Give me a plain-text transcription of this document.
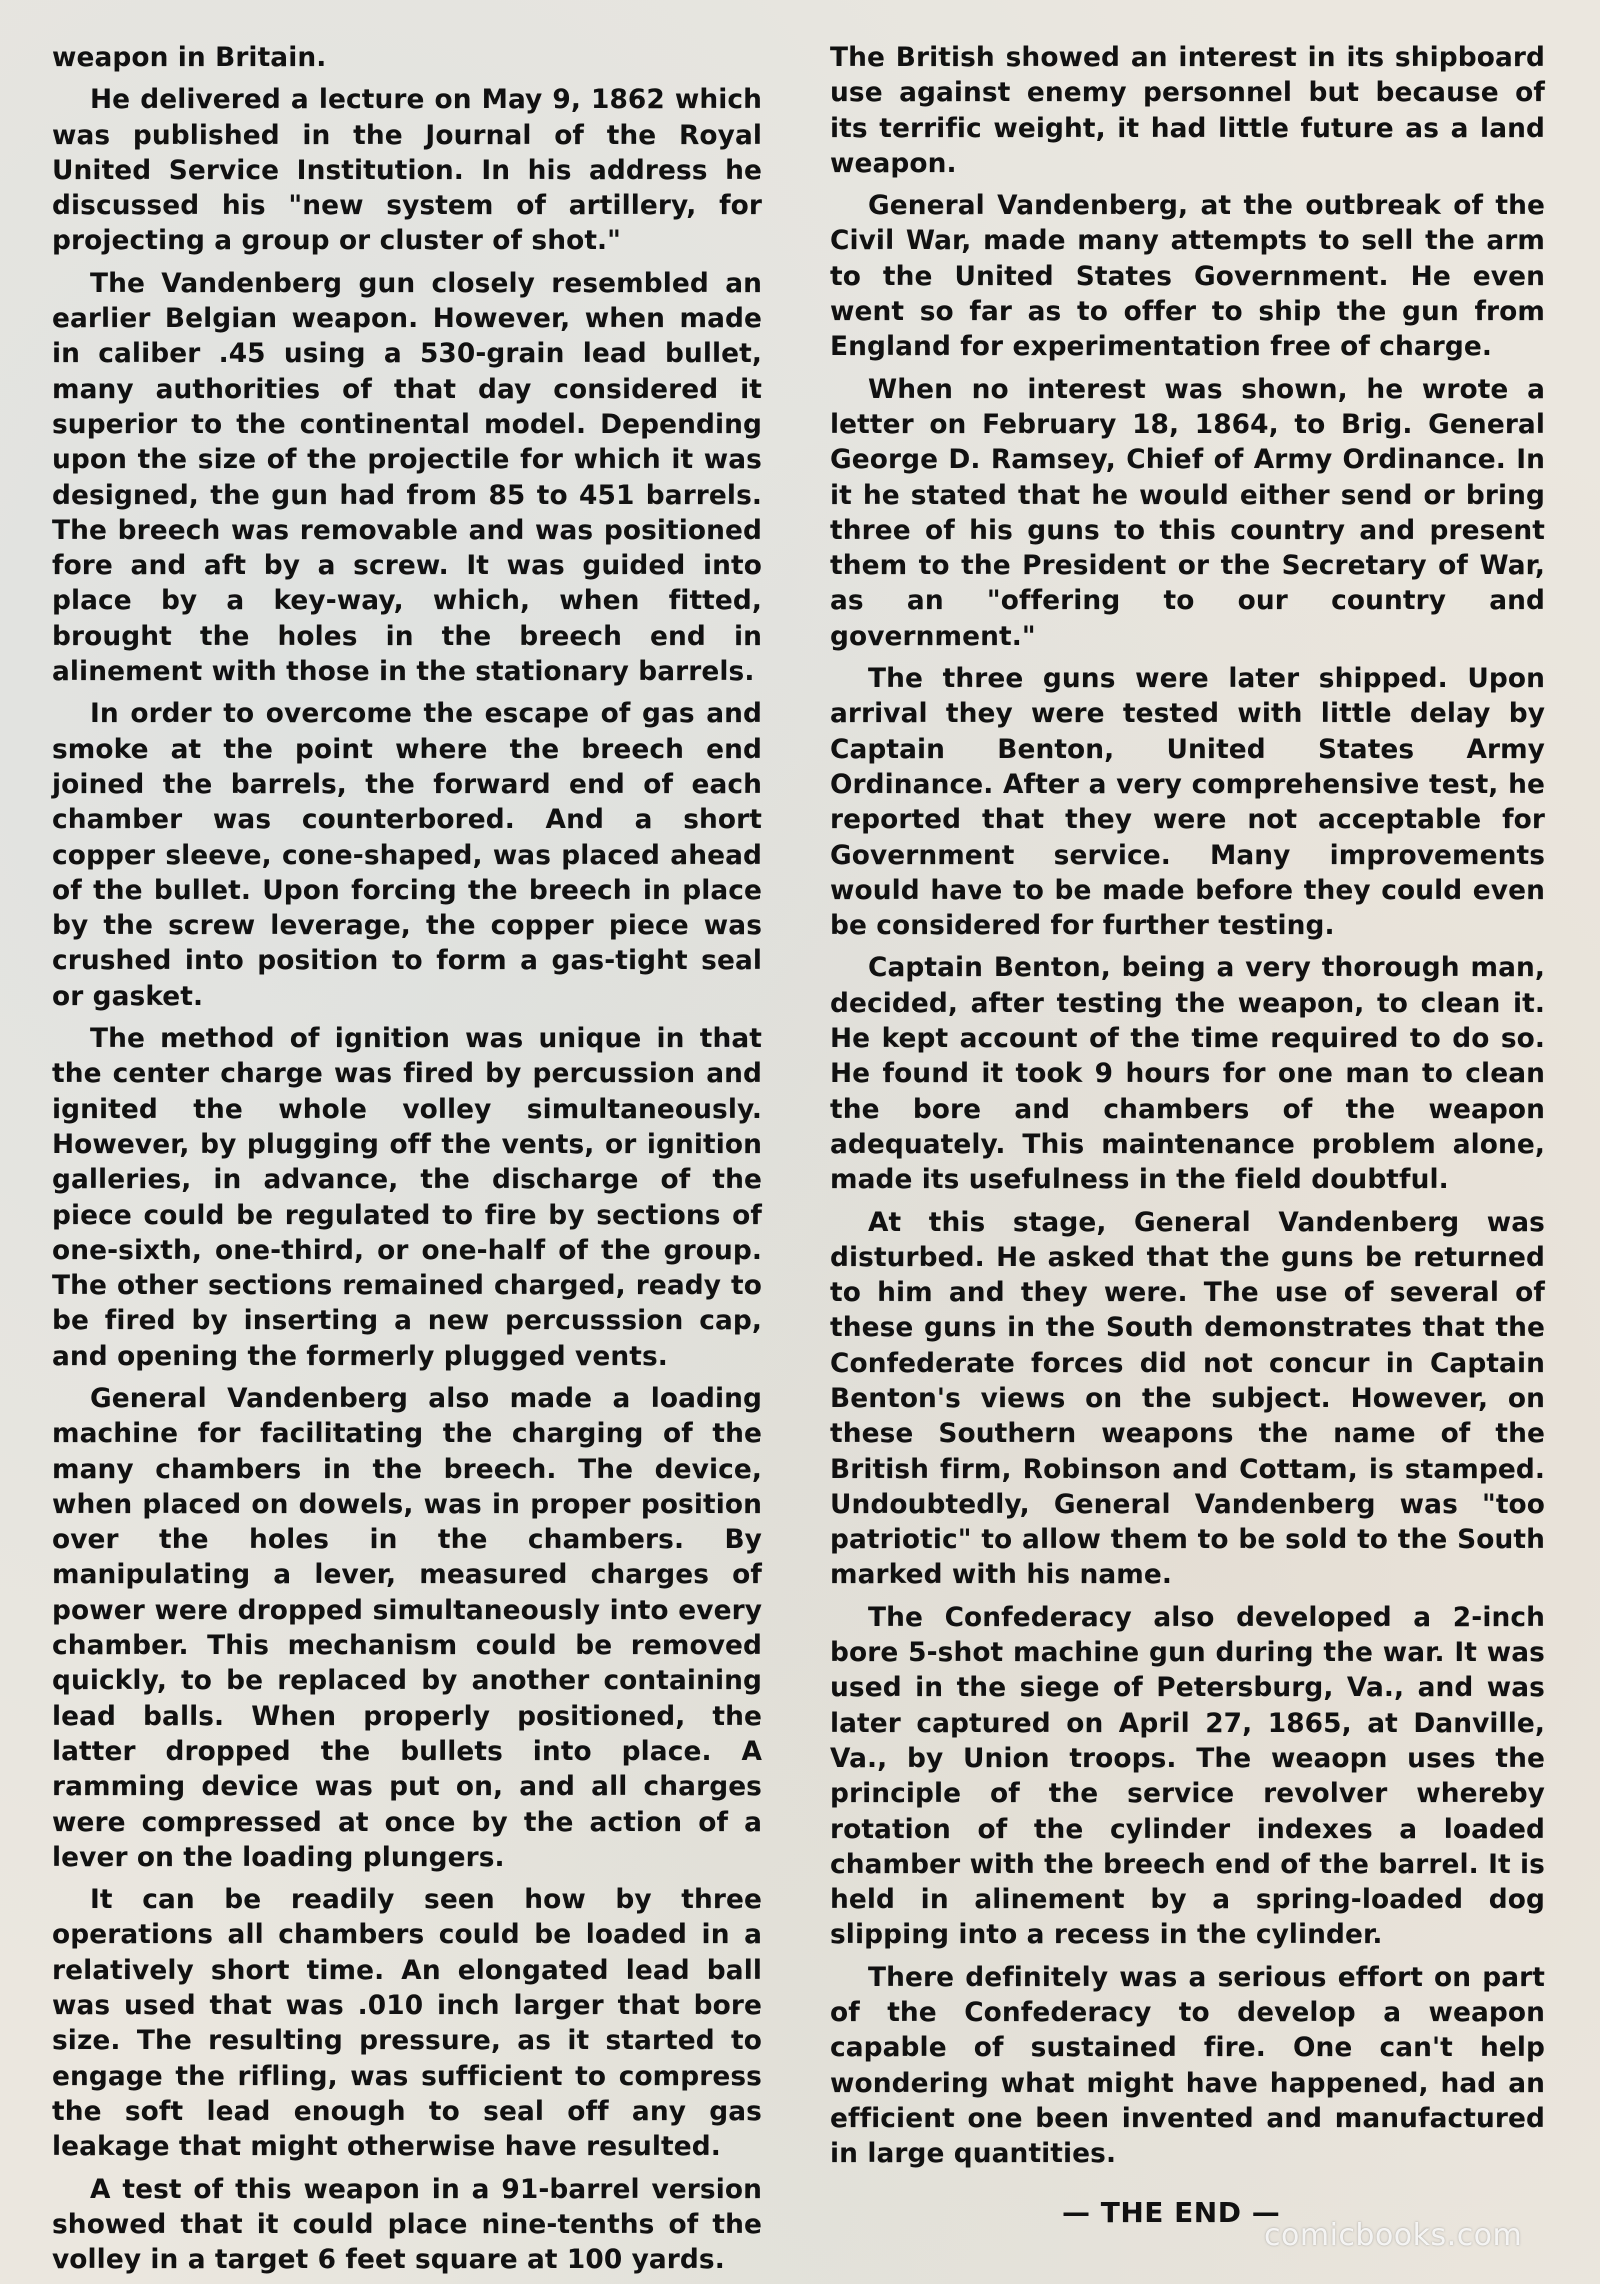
weapon in Britain.

He delivered a lecture on May 9, 1862 which was published in the Journal of the Royal United Service Institution. In his address he discussed his "new system of artillery, for projecting a group or cluster of shot."

The Vandenberg gun closely resembled an earlier Belgian weapon. However, when made in caliber .45 using a 530-grain lead bullet, many authorities of that day considered it superior to the continental model. Depending upon the size of the projectile for which it was designed, the gun had from 85 to 451 barrels. The breech was removable and was positioned fore and aft by a screw. It was guided into place by a key-way, which, when fitted, brought the holes in the breech end in alinement with those in the stationary barrels.

In order to overcome the escape of gas and smoke at the point where the breech end joined the barrels, the forward end of each chamber was counterbored. And a short copper sleeve, cone-shaped, was placed ahead of the bullet. Upon forcing the breech in place by the screw leverage, the copper piece was crushed into position to form a gas-tight seal or gasket.

The method of ignition was unique in that the center charge was fired by percussion and ignited the whole volley simultaneously. However, by plugging off the vents, or ignition galleries, in advance, the discharge of the piece could be regulated to fire by sections of one-sixth, one-third, or one-half of the group. The other sections remained charged, ready to be fired by inserting a new percusssion cap, and opening the formerly plugged vents.

General Vandenberg also made a loading machine for facilitating the charging of the many chambers in the breech. The device, when placed on dowels, was in proper position over the holes in the chambers. By manipulating a lever, measured charges of power were dropped simultaneously into every chamber. This mechanism could be removed quickly, to be replaced by another containing lead balls. When properly positioned, the latter dropped the bullets into place. A ramming device was put on, and all charges were compressed at once by the action of a lever on the loading plungers.

It can be readily seen how by three operations all chambers could be loaded in a relatively short time. An elongated lead ball was used that was .010 inch larger that bore size. The resulting pressure, as it started to engage the rifling, was sufficient to compress the soft lead enough to seal off any gas leakage that might otherwise have resulted.

A test of this weapon in a 91-barrel version showed that it could place nine-tenths of the volley in a target 6 feet square at 100 yards.

The British showed an interest in its shipboard use against enemy personnel but because of its terrific weight, it had little future as a land weapon.

General Vandenberg, at the outbreak of the Civil War, made many attempts to sell the arm to the United States Government. He even went so far as to offer to ship the gun from England for experimentation free of charge.

When no interest was shown, he wrote a letter on February 18, 1864, to Brig. General George D. Ramsey, Chief of Army Ordinance. In it he stated that he would either send or bring three of his guns to this country and present them to the President or the Secretary of War, as an "offering to our country and government."

The three guns were later shipped. Upon arrival they were tested with little delay by Captain Benton, United States Army Ordinance. After a very comprehensive test, he reported that they were not acceptable for Government service. Many improvements would have to be made before they could even be considered for further testing.

Captain Benton, being a very thorough man, decided, after testing the weapon, to clean it. He kept account of the time required to do so. He found it took 9 hours for one man to clean the bore and chambers of the weapon adequately. This maintenance problem alone, made its usefulness in the field doubtful.

At this stage, General Vandenberg was disturbed. He asked that the guns be returned to him and they were. The use of several of these guns in the South demonstrates that the Confederate forces did not concur in Captain Benton's views on the subject. However, on these Southern weapons the name of the British firm, Robinson and Cottam, is stamped. Undoubtedly, General Vandenberg was "too patriotic" to allow them to be sold to the South marked with his name.

The Confederacy also developed a 2-inch bore 5-shot machine gun during the war. It was used in the siege of Petersburg, Va., and was later captured on April 27, 1865, at Danville, Va., by Union troops. The weaopn uses the principle of the service revolver whereby rotation of the cylinder indexes a loaded chamber with the breech end of the barrel. It is held in alinement by a spring-loaded dog slipping into a recess in the cylinder.

There definitely was a serious effort on part of the Confederacy to develop a weapon capable of sustained fire. One can't help wondering what might have happened, had an efficient one been invented and manufactured in large quantities.

— THE END —
comicbooks.com
